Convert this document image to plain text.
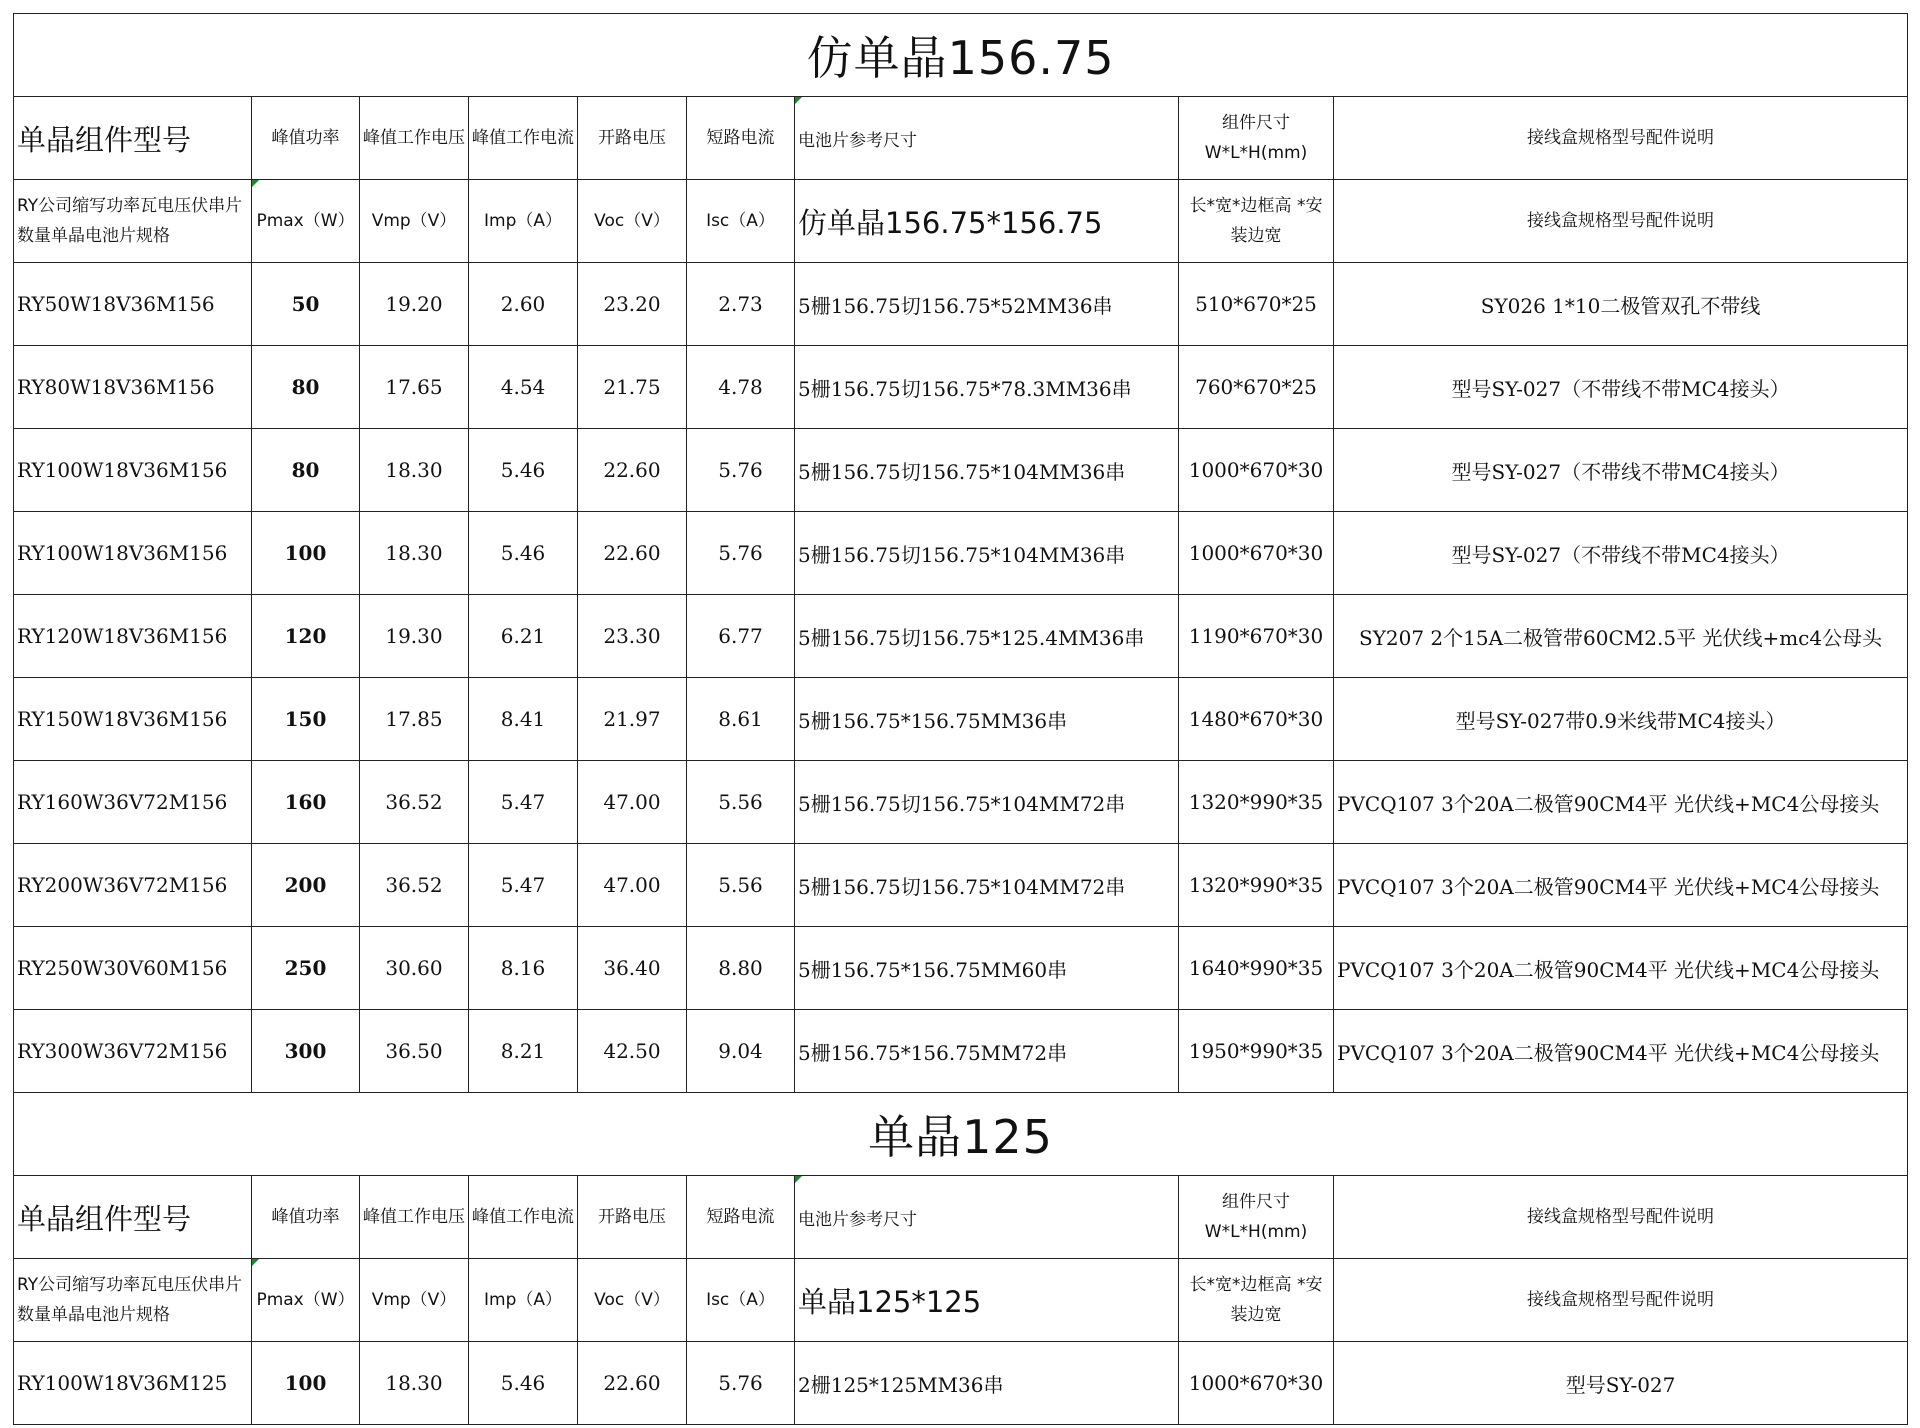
仿单晶156.75								
单晶组件型号	峰值功率	峰值工作电压	峰值工作电流	开路电压	短路电流	电池片参考尺寸	组件尺寸W*L*H(mm)	接线盒规格型号配件说明
RY公司缩写功率瓦电压伏串片数量单晶电池片规格	Pmax（W）	Vmp（V）	Imp（A）	Voc（V）	Isc（A）	仿单晶156.75*156.75	长*宽*边框高 *安装边宽	接线盒规格型号配件说明
RY50W18V36M156	50	19.20	2.60	23.20	2.73	5栅156.75切156.75*52MM36串	510*670*25	SY026 1*10二极管双孔不带线
RY80W18V36M156	80	17.65	4.54	21.75	4.78	5栅156.75切156.75*78.3MM36串	760*670*25	型号SY-027（不带线不带MC4接头）
RY100W18V36M156	80	18.30	5.46	22.60	5.76	5栅156.75切156.75*104MM36串	1000*670*30	型号SY-027（不带线不带MC4接头）
RY100W18V36M156	100	18.30	5.46	22.60	5.76	5栅156.75切156.75*104MM36串	1000*670*30	型号SY-027（不带线不带MC4接头）
RY120W18V36M156	120	19.30	6.21	23.30	6.77	5栅156.75切156.75*125.4MM36串	1190*670*30	SY207 2个15A二极管带60CM2.5平 光伏线+mc4公母头
RY150W18V36M156	150	17.85	8.41	21.97	8.61	5栅156.75*156.75MM36串	1480*670*30	型号SY-027带0.9米线带MC4接头）
RY160W36V72M156	160	36.52	5.47	47.00	5.56	5栅156.75切156.75*104MM72串	1320*990*35	PVCQ107 3个20A二极管90CM4平 光伏线+MC4公母接头
RY200W36V72M156	200	36.52	5.47	47.00	5.56	5栅156.75切156.75*104MM72串	1320*990*35	PVCQ107 3个20A二极管90CM4平 光伏线+MC4公母接头
RY250W30V60M156	250	30.60	8.16	36.40	8.80	5栅156.75*156.75MM60串	1640*990*35	PVCQ107 3个20A二极管90CM4平 光伏线+MC4公母接头
RY300W36V72M156	300	36.50	8.21	42.50	9.04	5栅156.75*156.75MM72串	1950*990*35	PVCQ107 3个20A二极管90CM4平 光伏线+MC4公母接头
单晶125								
单晶组件型号	峰值功率	峰值工作电压	峰值工作电流	开路电压	短路电流	电池片参考尺寸	组件尺寸W*L*H(mm)	接线盒规格型号配件说明
RY公司缩写功率瓦电压伏串片数量单晶电池片规格	Pmax（W）	Vmp（V）	Imp（A）	Voc（V）	Isc（A）	单晶125*125	长*宽*边框高 *安装边宽	接线盒规格型号配件说明
RY100W18V36M125	100	18.30	5.46	22.60	5.76	2栅125*125MM36串	1000*670*30	型号SY-027
